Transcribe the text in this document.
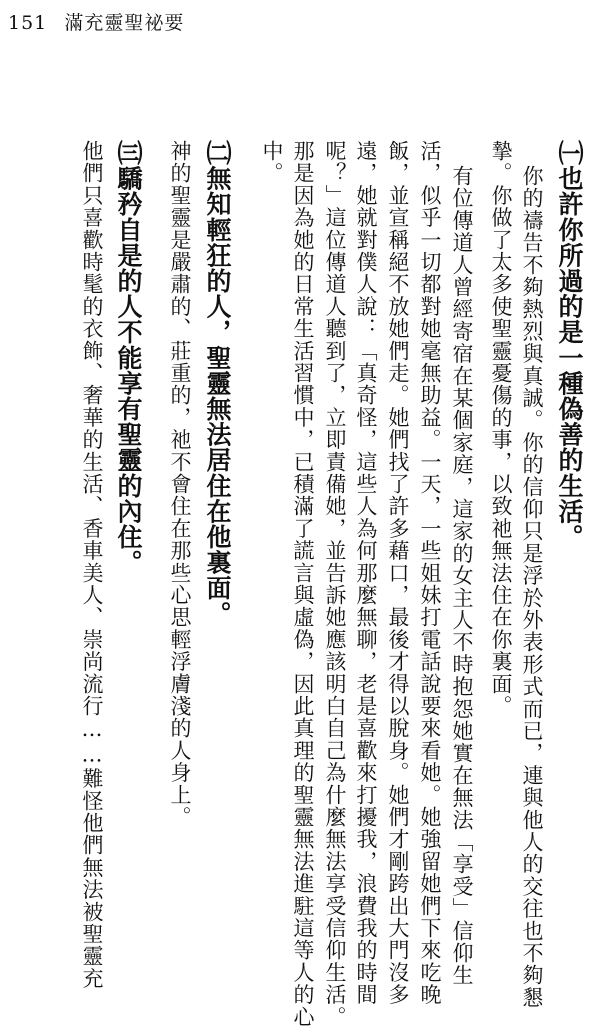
151 滿充靈聖祕要
㈠也許你所過的是一種偽善的生活。
你的禱告不夠熱烈與真誠。你的信仰只是浮於外表形式而已，連與他人的交往也不夠懇
摯。你做了太多使聖靈憂傷的事，以致祂無法住在你裏面。
有位傳道人曾經寄宿在某個家庭，這家的女主人不時抱怨她實在無法「享受」信仰生
活，似乎一切都對她毫無助益。一天，一些姐妹打電話說要來看她。她強留她們下來吃晚
飯，並宣稱絕不放她們走。她們找了許多藉口，最後才得以脫身。她們才剛跨出大門沒多
遠，她就對僕人說：「真奇怪，這些人為何那麼無聊，老是喜歡來打擾我，浪費我的時間
呢？」這位傳道人聽到了，立即責備她，並告訴她應該明白自己為什麼無法享受信仰生活。
那是因為她的日常生活習慣中，已積滿了謊言與虛偽，因此真理的聖靈無法進駐這等人的心
中。
㈡無知輕狂的人，聖靈無法居住在他裏面。
神的聖靈是嚴肅的、莊重的，祂不會住在那些心思輕浮膚淺的人身上。
㈢驕矜自是的人不能享有聖靈的內住。
他們只喜歡時髦的衣飾、奢華的生活、香車美人、崇尚流行……難怪他們無法被聖靈充
